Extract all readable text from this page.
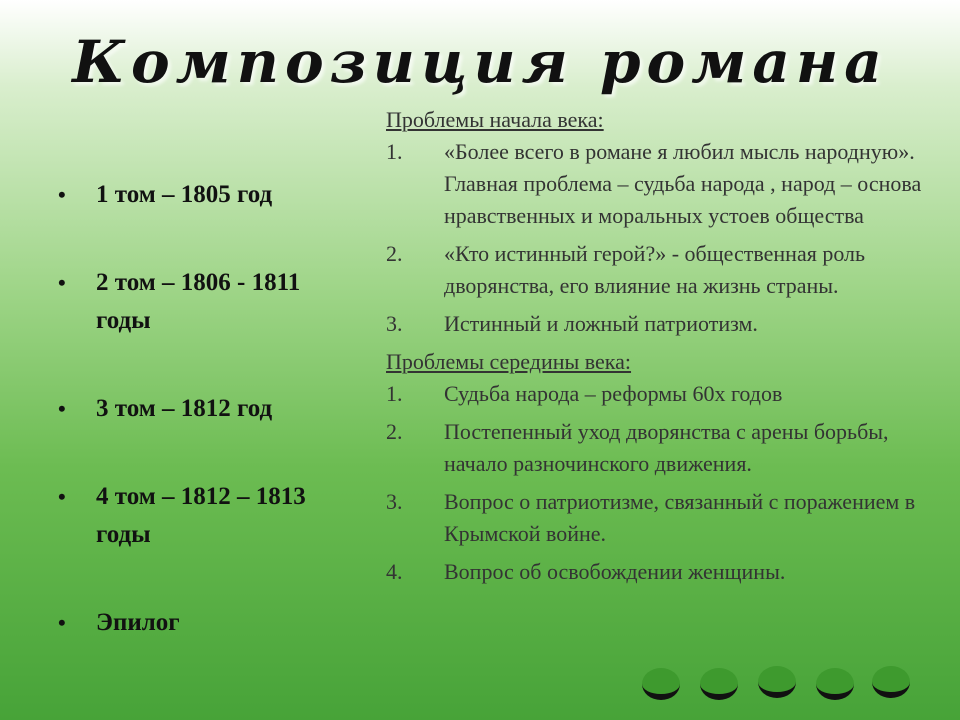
Композиция романа
• 1 том – 1805 год
• 2 том – 1806 - 1811
годы
• 3 том – 1812 год
• 4 том – 1812 – 1813
годы
• Эпилог

Проблемы начала века:

1.	«Более всего в романе я любил мысль народную». Главная проблема – судьба народа , народ – основа нравственных и моральных устоев общества
2.	«Кто истинный герой?» - общественная роль дворянства, его влияние на жизнь страны.
3.	Истинный и ложный патриотизм.

Проблемы середины века:

1.	Судьба народа – реформы 60х годов
2.	Постепенный уход дворянства с арены борьбы, начало разночинского движения.
3.	Вопрос о патриотизме, связанный с поражением в Крымской войне.
4.	Вопрос об освобождении женщины.
